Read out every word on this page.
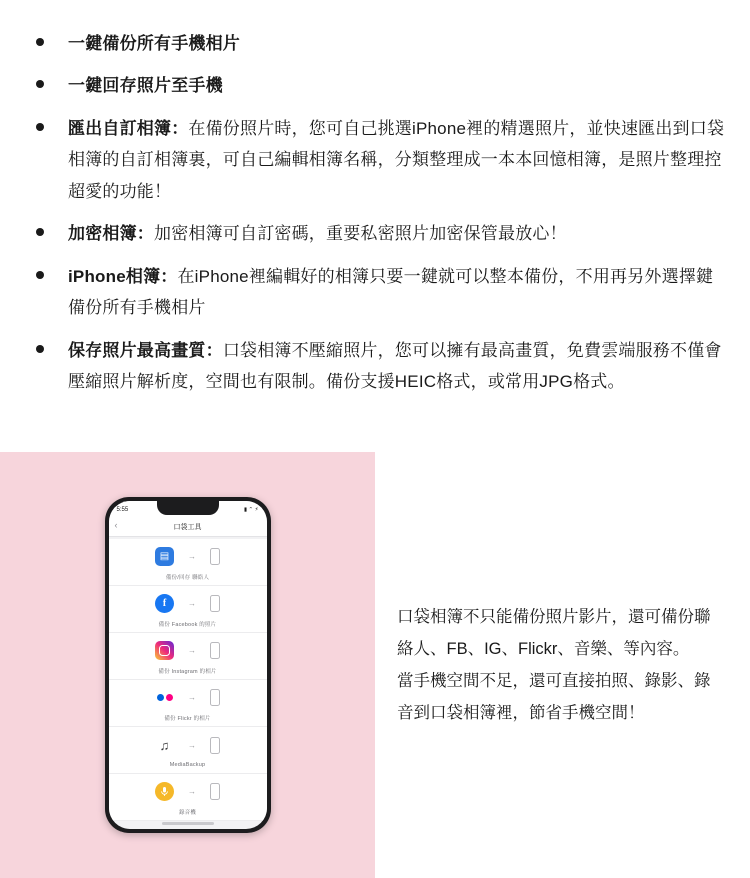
一鍵備份所有手機相片
一鍵回存照片至手機
匯出自訂相簿：在備份照片時，您可自己挑選iPhone裡的精選照片，並快速匯出到口袋相簿的自訂相簿裏，可自己編輯相簿名稱，分類整理成一本本回憶相簿，是照片整理控超愛的功能！
加密相簿：加密相簿可自訂密碼，重要私密照片加密保管最放心！
iPhone相簿：在iPhone裡編輯好的相簿只要一鍵就可以整本備份，不用再另外選擇鍵備份所有手機相片
保存照片最高畫質：口袋相簿不壓縮照片，您可以擁有最高畫質，免費雲端服務不僅會壓縮照片解析度，空間也有限制。備份支援HEIC格式，或常用JPG格式。
5:55	▮ ⌃ ⚡
‹	口袋工具
▤	→
備份/回存 聯絡人
f	→
備份 Facebook 的照片
→
備份 Instagram 的相片
→
備份 Flickr 的相片
♫	→
MediaBackup
→
錄音機
口袋相簿不只能備份照片影片，還可備份聯絡人、FB、IG、Flickr、音樂、等內容。
當手機空間不足，還可直接拍照、錄影、錄音到口袋相簿裡，節省手機空間！
